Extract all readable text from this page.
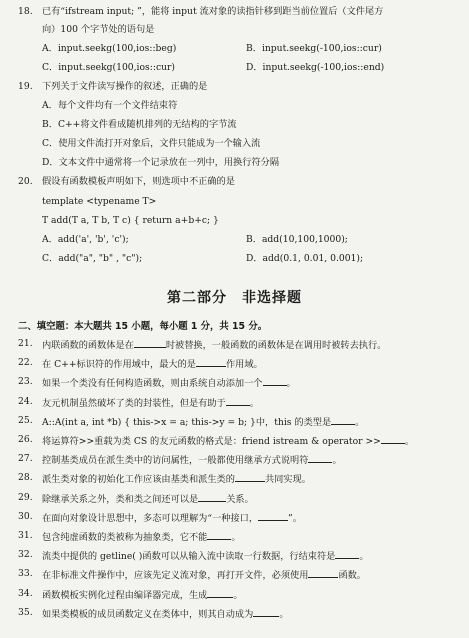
18.	已有“ifstream input; ”，能将 input 流对象的读指针移到距当前位置后（文件尾方
向）100 个字节处的语句是
A．input.seekg(100,ios::beg)	B．input.seekg(-100,ios::cur)
C．input.seekg(100,ios::cur)	D．input.seekg(-100,ios::end)
19.	下列关于文件读写操作的叙述，正确的是
A．每个文件均有一个文件结束符
B．C++将文件看成随机排列的无结构的字节流
C．使用文件流打开对象后，文件只能成为一个输入流
D．文本文件中通常将一个记录放在一列中，用换行符分隔
20.	假设有函数模板声明如下，则选项中不正确的是
template <typename T>
T add(T a, T b, T c) { return a+b+c; }
A．add('a', 'b', 'c');	B．add(10,100,1000);
C．add("a", "b" , "c");	D．add(0.1, 0.01, 0.001);
第二部分　非选择题
二、填空题：本大题共 15 小题，每小题 1 分，共 15 分。
21.	内联函数的函数体是在	时被替换，一般函数的函数体是在调用时被转去执行。
22.	在 C++标识符的作用域中，最大的是	作用域。
23.	如果一个类没有任何构造函数，则由系统自动添加一个	。
24.	友元机制虽然破坏了类的封装性，但是有助于	。
25.	A::A(int a, int *b) { this->x = a; this->y = b; }中，this 的类型是	。
26.	将运算符>>重载为类 CS 的友元函数的格式是：friend istream & operator >>	。
27.	控制基类成员在派生类中的访问属性，一般都使用继承方式说明符	。
28.	派生类对象的初始化工作应该由基类和派生类的	共同实现。
29.	除继承关系之外，类和类之间还可以是	关系。
30.	在面向对象设计思想中，多态可以理解为“一种接口，	”。
31.	包含纯虚函数的类被称为抽象类，它不能	。
32.	流类中提供的 getline( )函数可以从输入流中读取一行数据，行结束符是	。
33.	在非标准文件操作中，应该先定义流对象，再打开文件，必须使用	函数。
34.	函数模板实例化过程由编译器完成，生成	。
35.	如果类模板的成员函数定义在类体中，则其自动成为	。
